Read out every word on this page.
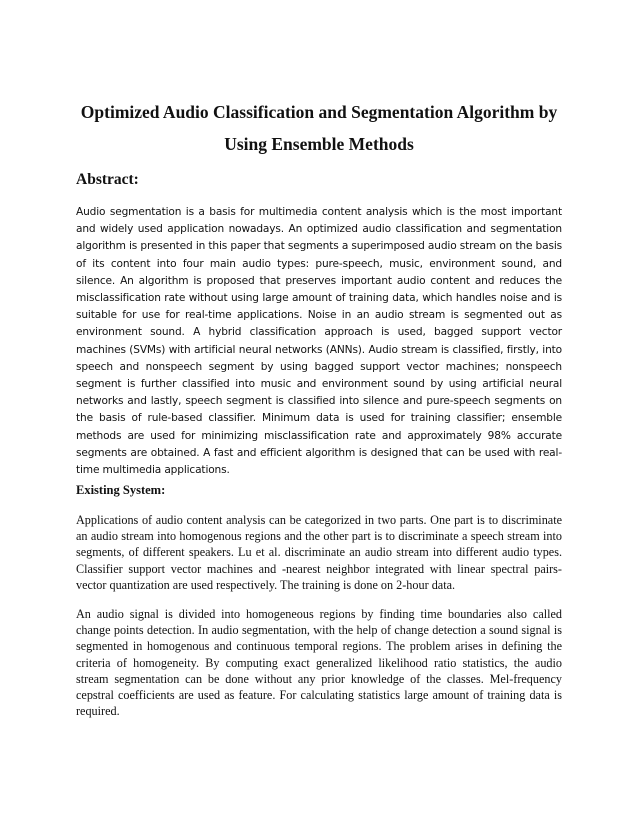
Optimized Audio Classification and Segmentation Algorithm by Using Ensemble Methods
Abstract:

Audio segmentation is a basis for multimedia content analysis which is the most important and widely used application nowadays. An optimized audio classification and segmentation algorithm is presented in this paper that segments a superimposed audio stream on the basis of its content into four main audio types: pure-speech, music, environment sound, and silence. An algorithm is proposed that preserves important audio content and reduces the misclassification rate without using large amount of training data, which handles noise and is suitable for use for real-time applications. Noise in an audio stream is segmented out as environment sound. A hybrid classification approach is used, bagged support vector machines (SVMs) with artificial neural networks (ANNs). Audio stream is classified, firstly, into speech and nonspeech segment by using bagged support vector machines; nonspeech segment is further classified into music and environment sound by using artificial neural networks and lastly, speech segment is classified into silence and pure-speech segments on the basis of rule-based classifier. Minimum data is used for training classifier; ensemble methods are used for minimizing misclassification rate and approximately 98% accurate segments are obtained. A fast and efficient algorithm is designed that can be used with real-time multimedia applications.

Existing System:

Applications of audio content analysis can be categorized in two parts. One part is to discriminate an audio stream into homogenous regions and the other part is to discriminate a speech stream into segments, of different speakers. Lu et al. discriminate an audio stream into different audio types. Classifier support vector machines and -nearest neighbor integrated with linear spectral pairs-vector quantization are used respectively. The training is done on 2-hour data.

An audio signal is divided into homogeneous regions by finding time boundaries also called change points detection. In audio segmentation, with the help of change detection a sound signal is segmented in homogenous and continuous temporal regions. The problem arises in defining the criteria of homogeneity. By computing exact generalized likelihood ratio statistics, the audio stream segmentation can be done without any prior knowledge of the classes. Mel-frequency cepstral coefficients are used as feature. For calculating statistics large amount of training data is required.
